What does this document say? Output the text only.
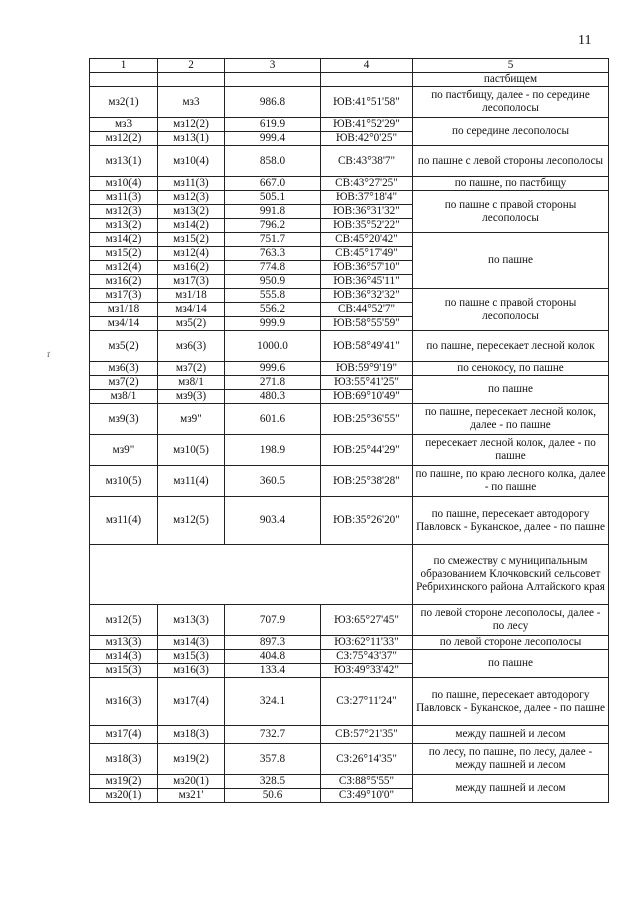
11
ґ
1	2	3	4	5
				пастбищем
мз2(1)	мз3	986.8	ЮВ:41°51'58"	по пастбищу, далее - по середине лесополосы
мз3	мз12(2)	619.9	ЮВ:41°52'29"	по середине лесополосы
мз12(2)	мз13(1)	999.4	ЮВ:42°0'25"	
мз13(1)	мз10(4)	858.0	СВ:43°38'7"	по пашне с левой стороны лесополосы
мз10(4)	мз11(3)	667.0	СВ:43°27'25"	по пашне, по пастбищу
мз11(3)	мз12(3)	505.1	ЮВ:37°18'4"	по пашне с правой стороны лесополосы
мз12(3)	мз13(2)	991.8	ЮВ:36°31'32"	
мз13(2)	мз14(2)	796.2	ЮВ:35°52'22"	
мз14(2)	мз15(2)	751.7	СВ:45°20'42"	по пашне
мз15(2)	мз12(4)	763.3	СВ:45°17'49"	
мз12(4)	мз16(2)	774.8	ЮВ:36°57'10"	
мз16(2)	мз17(3)	950.9	ЮВ:36°45'11"	
мз17(3)	мз1/18	555.8	ЮВ:36°32'32"	по пашне с правой стороны лесополосы
мз1/18	мз4/14	556.2	СВ:44°52'7"	
мз4/14	мз5(2)	999.9	ЮВ:58°55'59"	
мз5(2)	мз6(3)	1000.0	ЮВ:58°49'41"	по пашне, пересекает лесной колок
мз6(3)	мз7(2)	999.6	ЮВ:59°9'19"	по сенокосу, по пашне
мз7(2)	мз8/1	271.8	ЮЗ:55°41'25"	по пашне
мз8/1	мз9(3)	480.3	ЮВ:69°10'49"	
мз9(3)	мз9"	601.6	ЮВ:25°36'55"	по пашне, пересекает лесной колок, далее - по пашне
мз9"	мз10(5)	198.9	ЮВ:25°44'29"	пересекает лесной колок, далее - по пашне
мз10(5)	мз11(4)	360.5	ЮВ:25°38'28"	по пашне, по краю лесного колка, далее - по пашне
мз11(4)	мз12(5)	903.4	ЮВ:35°26'20"	по пашне, пересекает автодорогу Павловск - Буканское, далее - по пашне
				по смежеству с муниципальным образованием Клочковский сельсовет Ребрихинского района Алтайского края
мз12(5)	мз13(3)	707.9	ЮЗ:65°27'45"	по левой стороне лесополосы, далее - по лесу
мз13(3)	мз14(3)	897.3	ЮЗ:62°11'33"	по левой стороне лесополосы
мз14(3)	мз15(3)	404.8	СЗ:75°43'37"	по пашне
мз15(3)	мз16(3)	133.4	ЮЗ:49°33'42"	
мз16(3)	мз17(4)	324.1	СЗ:27°11'24"	по пашне, пересекает автодорогу Павловск - Буканское, далее - по пашне
мз17(4)	мз18(3)	732.7	СВ:57°21'35"	между пашней и лесом
мз18(3)	мз19(2)	357.8	СЗ:26°14'35"	по лесу, по пашне, по лесу, далее - между пашней и лесом
мз19(2)	мз20(1)	328.5	СЗ:88°5'55"	между пашней и лесом
мз20(1)	мз21'	50.6	СЗ:49°10'0"	
